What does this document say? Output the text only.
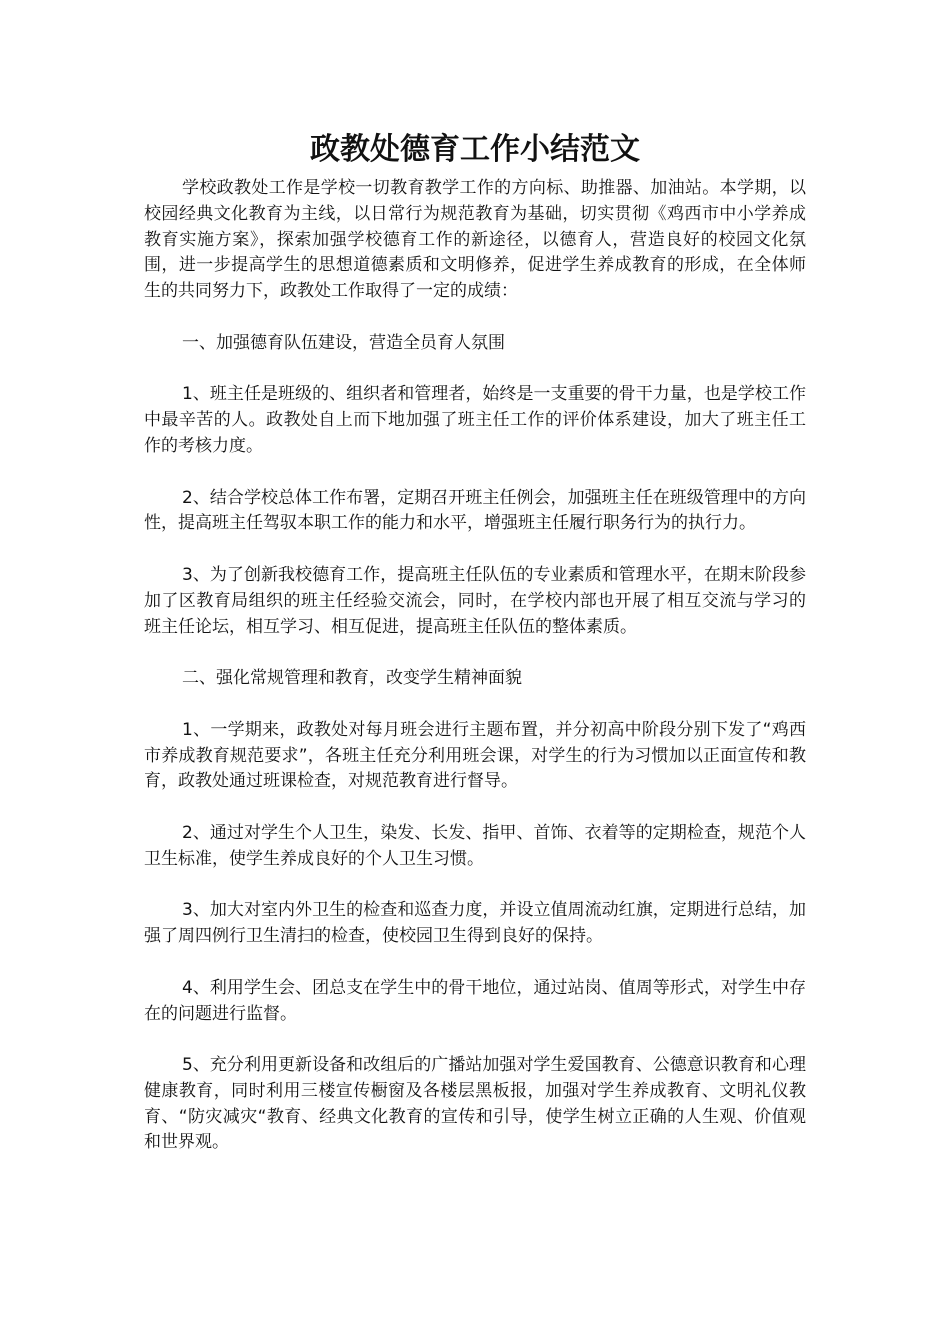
政教处德育工作小结范文

学校政教处工作是学校一切教育教学工作的方向标、助推器、加油站。本学期，以校园经典文化教育为主线，以日常行为规范教育为基础，切实贯彻《鸡西市中小学养成教育实施方案》，探索加强学校德育工作的新途径，以德育人，营造良好的校园文化氛围，进一步提高学生的思想道德素质和文明修养，促进学生养成教育的形成，在全体师生的共同努力下，政教处工作取得了一定的成绩：

一、加强德育队伍建设，营造全员育人氛围

1、班主任是班级的、组织者和管理者，始终是一支重要的骨干力量，也是学校工作中最辛苦的人。政教处自上而下地加强了班主任工作的评价体系建设，加大了班主任工作的考核力度。

2、结合学校总体工作布署，定期召开班主任例会，加强班主任在班级管理中的方向性，提高班主任驾驭本职工作的能力和水平，增强班主任履行职务行为的执行力。

3、为了创新我校德育工作，提高班主任队伍的专业素质和管理水平，在期末阶段参加了区教育局组织的班主任经验交流会，同时，在学校内部也开展了相互交流与学习的班主任论坛，相互学习、相互促进，提高班主任队伍的整体素质。

二、强化常规管理和教育，改变学生精神面貌

1、一学期来，政教处对每月班会进行主题布置，并分初高中阶段分别下发了“鸡西市养成教育规范要求”，各班主任充分利用班会课，对学生的行为习惯加以正面宣传和教育，政教处通过班课检查，对规范教育进行督导。

2、通过对学生个人卫生，染发、长发、指甲、首饰、衣着等的定期检查，规范个人卫生标准，使学生养成良好的个人卫生习惯。

3、加大对室内外卫生的检查和巡查力度，并设立值周流动红旗，定期进行总结，加强了周四例行卫生清扫的检查，使校园卫生得到良好的保持。

4、利用学生会、团总支在学生中的骨干地位，通过站岗、值周等形式，对学生中存在的问题进行监督。

5、充分利用更新设备和改组后的广播站加强对学生爱国教育、公德意识教育和心理健康教育，同时利用三楼宣传橱窗及各楼层黑板报，加强对学生养成教育、文明礼仪教育、“防灾减灾“教育、经典文化教育的宣传和引导，使学生树立正确的人生观、价值观和世界观。
